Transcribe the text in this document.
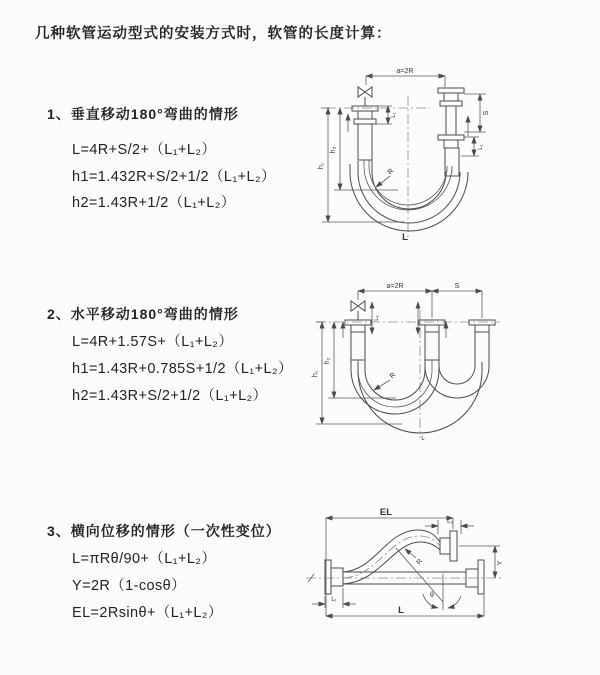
几种软管运动型式的安装方式时，软管的长度计算：
1、垂直移动180°弯曲的情形
L=4R+S/2+（L₁+L₂）
h1=1.432R+S/2+1/2（L₁+L₂）
h2=1.43R+1/2（L₁+L₂）
a=2R
L₁	S
L₁
h₁
h₂
R
L
2、水平移动180°弯曲的情形
L=4R+1.57S+（L₁+L₂）
h1=1.43R+0.785S+1/2（L₁+L₂）
h2=1.43R+S/2+1/2（L₁+L₂）
a=2R	S
L₁
h₁
h₂
R
L
3、横向位移的情形（一次性变位）
L=πRθ/90+（L₁+L₂）
Y=2R（1-cosθ）
EL=2Rsinθ+（L₁+L₂）
EL
L₂
Y
R
θ
L₁
L
